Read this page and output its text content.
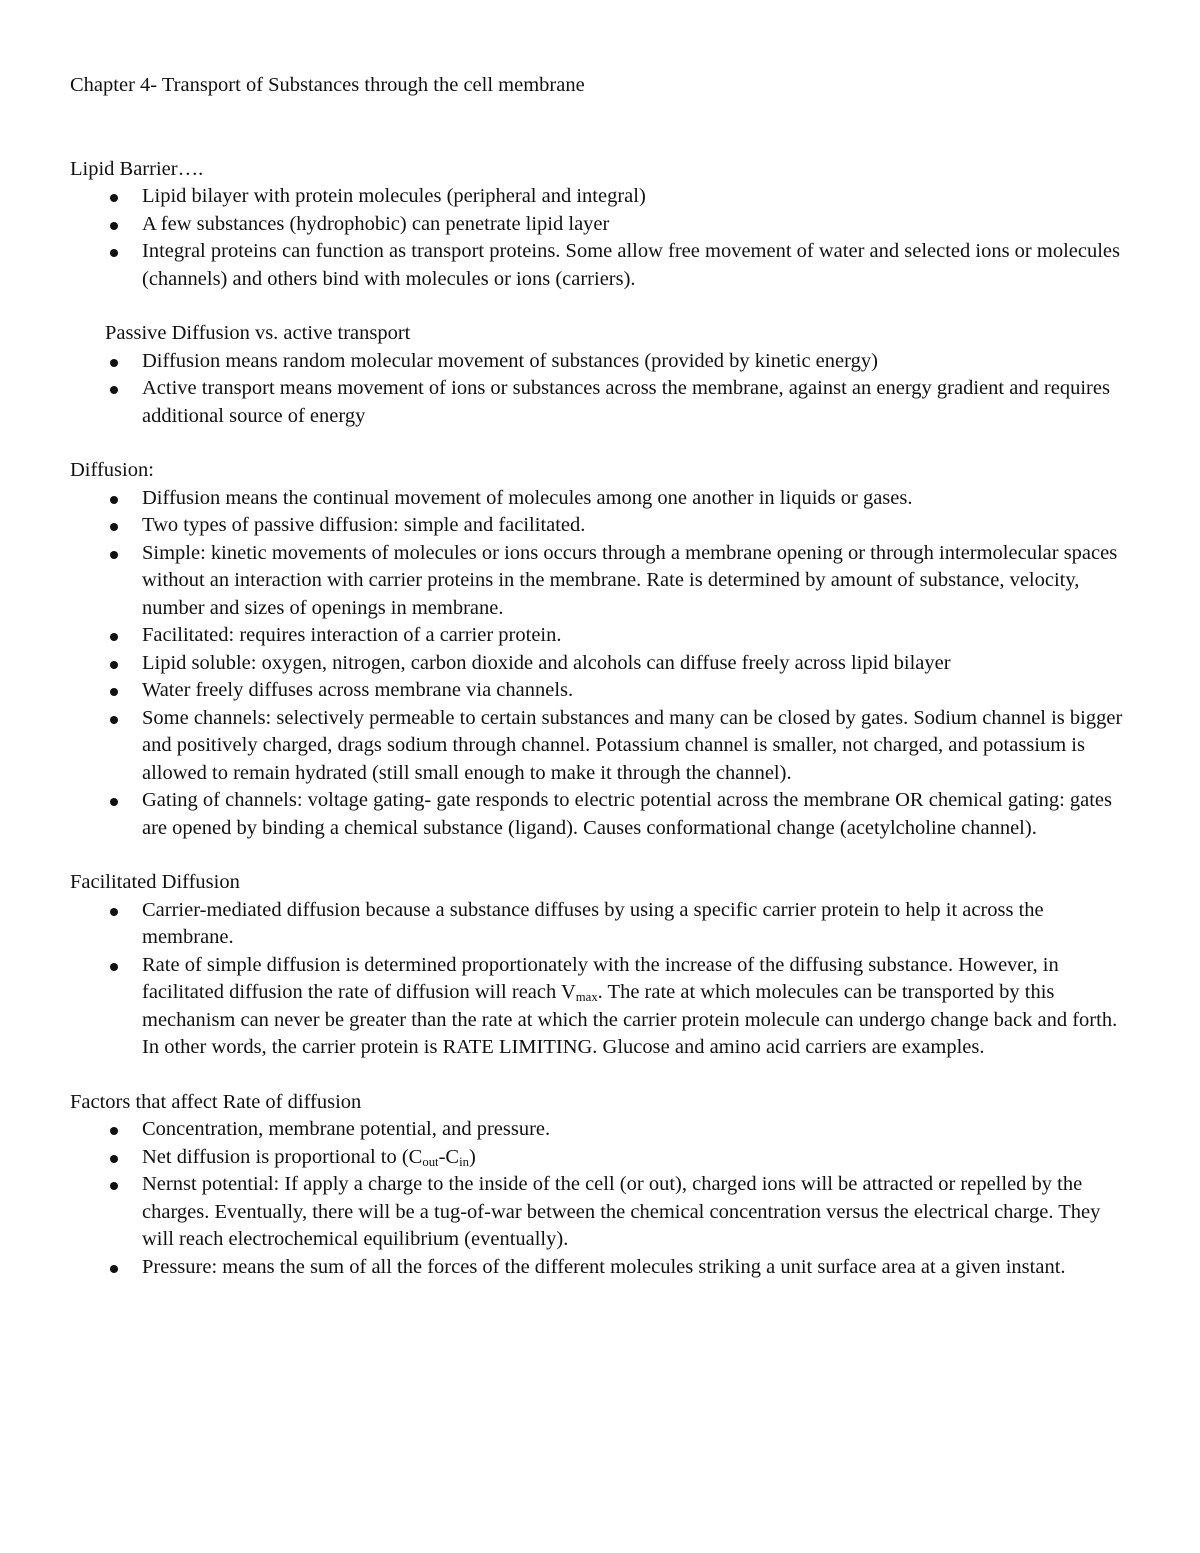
Chapter 4- Transport of Substances through the cell membrane

Lipid Barrier….

Lipid bilayer with protein molecules (peripheral and integral)
A few substances (hydrophobic) can penetrate lipid layer
Integral proteins can function as transport proteins. Some allow free movement of water and selected ions or molecules (channels) and others bind with molecules or ions (carriers).

Passive Diffusion vs. active transport

Diffusion means random molecular movement of substances (provided by kinetic energy)
Active transport means movement of ions or substances across the membrane, against an energy gradient and requires additional source of energy

Diffusion:

Diffusion means the continual movement of molecules among one another in liquids or gases.
Two types of passive diffusion: simple and facilitated.
Simple: kinetic movements of molecules or ions occurs through a membrane opening or through intermolecular spaces without an interaction with carrier proteins in the membrane. Rate is determined by amount of substance, velocity, number and sizes of openings in membrane.
Facilitated: requires interaction of a carrier protein.
Lipid soluble: oxygen, nitrogen, carbon dioxide and alcohols can diffuse freely across lipid bilayer
Water freely diffuses across membrane via channels.
Some channels: selectively permeable to certain substances and many can be closed by gates. Sodium channel is bigger and positively charged, drags sodium through channel. Potassium channel is smaller, not charged, and potassium is allowed to remain hydrated (still small enough to make it through the channel).
Gating of channels: voltage gating- gate responds to electric potential across the membrane OR chemical gating: gates are opened by binding a chemical substance (ligand). Causes conformational change (acetylcholine channel).

Facilitated Diffusion

Carrier-mediated diffusion because a substance diffuses by using a specific carrier protein to help it across the membrane.
Rate of simple diffusion is determined proportionately with the increase of the diffusing substance. However, in facilitated diffusion the rate of diffusion will reach $V_{max}$. The rate at which molecules can be transported by this mechanism can never be greater than the rate at which the carrier protein molecule can undergo change back and forth. In other words, the carrier protein is RATE LIMITING. Glucose and amino acid carriers are examples.

Factors that affect Rate of diffusion

Concentration, membrane potential, and pressure.
Net diffusion is proportional to $(C_{out}-C_{in})$
Nernst potential: If apply a charge to the inside of the cell (or out), charged ions will be attracted or repelled by the charges. Eventually, there will be a tug-of-war between the chemical concentration versus the electrical charge. They will reach electrochemical equilibrium (eventually).
Pressure: means the sum of all the forces of the different molecules striking a unit surface area at a given instant.
